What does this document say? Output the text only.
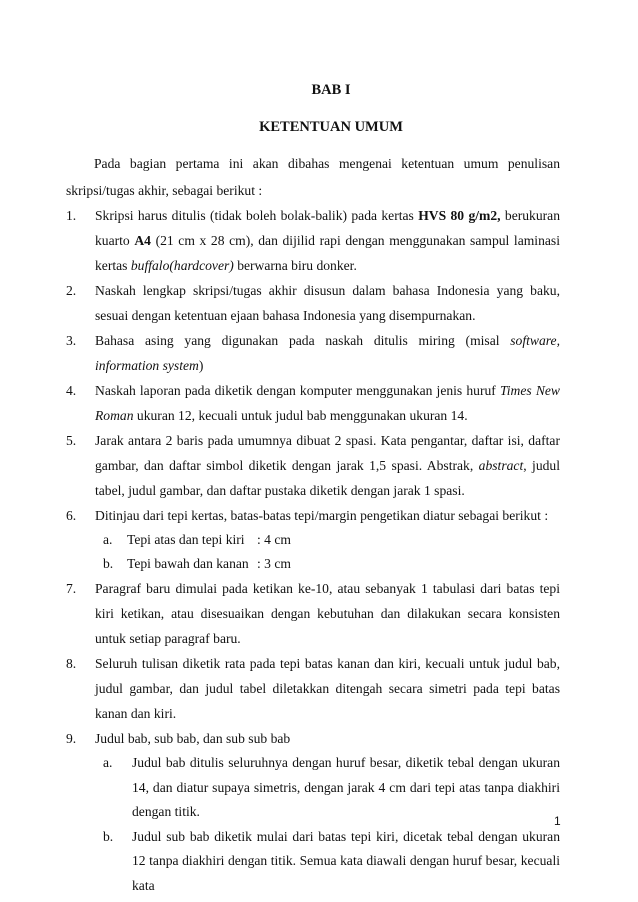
BAB I
KETENTUAN UMUM
Pada bagian pertama ini akan dibahas mengenai ketentuan umum penulisan skripsi/tugas akhir, sebagai berikut :
1. Skripsi harus ditulis (tidak boleh bolak-balik) pada kertas HVS 80 g/m2, berukuran kuarto A4 (21 cm x 28 cm), dan dijilid rapi dengan menggunakan sampul laminasi kertas buffalo(hardcover) berwarna biru donker.
2. Naskah lengkap skripsi/tugas akhir disusun dalam bahasa Indonesia yang baku, sesuai dengan ketentuan ejaan bahasa Indonesia yang disempurnakan.
3. Bahasa asing yang digunakan pada naskah ditulis miring (misal software, information system)
4. Naskah laporan pada diketik dengan komputer menggunakan jenis huruf Times New Roman ukuran 12, kecuali untuk judul bab menggunakan ukuran 14.
5. Jarak antara 2 baris pada umumnya dibuat 2 spasi. Kata pengantar, daftar isi, daftar gambar, dan daftar simbol diketik dengan jarak 1,5 spasi. Abstrak, abstract, judul tabel, judul gambar, dan daftar pustaka diketik dengan jarak 1 spasi.
6. Ditinjau dari tepi kertas, batas-batas tepi/margin pengetikan diatur sebagai berikut :
a. Tepi atas dan tepi kiri : 4 cm
b. Tepi bawah dan kanan : 3 cm
7. Paragraf baru dimulai pada ketikan ke-10, atau sebanyak 1 tabulasi dari batas tepi kiri ketikan, atau disesuaikan dengan kebutuhan dan dilakukan secara konsisten untuk setiap paragraf baru.
8. Seluruh tulisan diketik rata pada tepi batas kanan dan kiri, kecuali untuk judul bab, judul gambar, dan judul tabel diletakkan ditengah secara simetri pada tepi batas kanan dan kiri.
9. Judul bab, sub bab, dan sub sub bab
a. Judul bab ditulis seluruhnya dengan huruf besar, diketik tebal dengan ukuran 14, dan diatur supaya simetris, dengan jarak 4 cm dari tepi atas tanpa diakhiri dengan titik.
b. Judul sub bab diketik mulai dari batas tepi kiri, dicetak tebal dengan ukuran 12 tanpa diakhiri dengan titik. Semua kata diawali dengan huruf besar, kecuali kata
1
